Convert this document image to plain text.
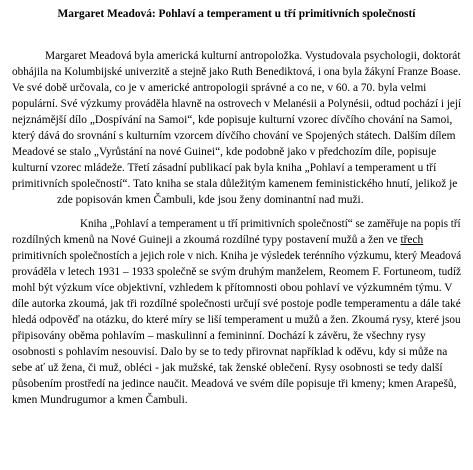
Margaret Meadová: Pohlaví a temperament u tří primitivních společností
Margaret Meadová byla americká kulturní antropoložka. Vystudovala psychologii, doktorát
obhájila na Kolumbijské univerzitě a stejně jako Ruth Benediktová, i ona byla žákyní Franze Boase.
Ve své době určovala, co je v americké antropologii správné a co ne, v 60. a 70. byla velmi
populární. Své výzkumy prováděla hlavně na ostrovech v Melanésii a Polynésii, odtud pochází i její
nejznámější dílo „Dospívání na Samoi“, kde popisuje kulturní vzorec dívčího chování na Samoi,
který dává do srovnání s kulturním vzorcem dívčího chování ve Spojených státech. Dalším dílem
Meadové se stalo „Vyrůstání na nové Guinei“, kde podobně jako v předchozím díle, popisuje
kulturní vzorec mládeže. Třetí zásadní publikací pak byla kniha „Pohlaví a temperament u tří
primitivních společností“. Tato kniha se stala důležitým kamenem feministického hnutí, jelikož je
zde popisován kmen Čambuli, kde jsou ženy dominantní nad muži.
Kniha „Pohlaví a temperament u tří primitivních společností“ se zaměřuje na popis tří
rozdílných kmenů na Nové Guineji a zkoumá rozdílné typy postavení mužů a žen ve třech
primitivních společnostích a jejich role v nich. Kniha je výsledek terénního výzkumu, který Meadová
prováděla v letech 1931 – 1933 společně se svým druhým manželem, Reomem F. Fortuneom, tudíž
mohl být výzkum více objektivní, vzhledem k přítomnosti obou pohlaví ve výzkumném týmu. V
díle autorka zkoumá, jak tři rozdílné společnosti určují své postoje podle temperamentu a dále také
hledá odpověď na otázku, do které míry se liší temperament u mužů a žen. Zkoumá rysy, které jsou
připisovány oběma pohlavím – maskulinní a femininní. Dochází k závěru, že všechny rysy
osobnosti s pohlavím nesouvisí. Dalo by se to tedy přirovnat například k oděvu, kdy si může na
sebe ať už žena, či muž, obléci - jak mužské, tak ženské oblečení. Rysy osobnosti se tedy další
působením prostředí na jedince naučit. Meadová ve svém díle popisuje tři kmeny; kmen Arapešů,
kmen Mundrugumor a kmen Čambuli.
